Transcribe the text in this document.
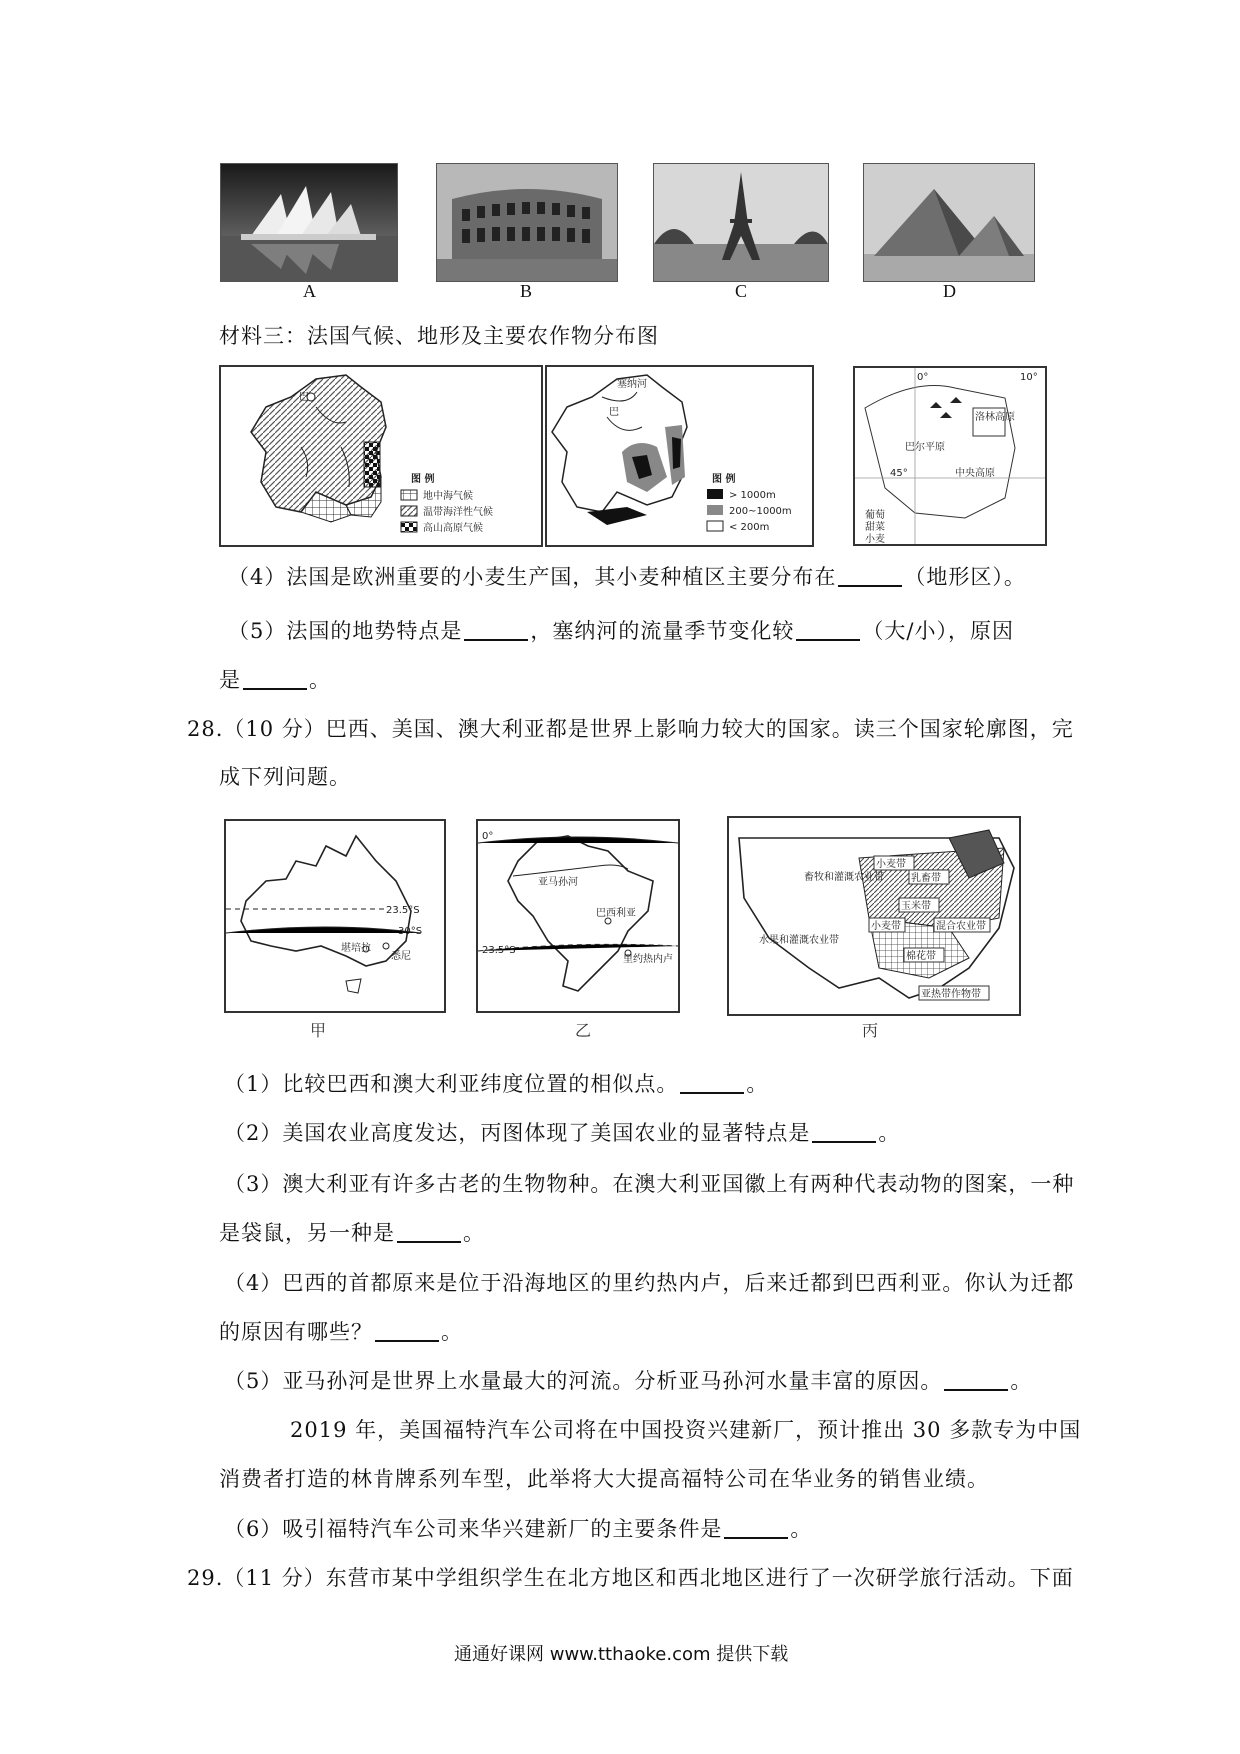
A	B	C	D
材料三：法国气候、地形及主要农作物分布图
巴
图 例
地中海气候
温带海洋性气候
高山高原气候
塞纳河
巴
图 例
> 1000m
200~1000m
< 200m
45°
0°	10°
洛林高原
巴尔平原
中央高原
葡萄
甜菜
小麦
（4）法国是欧洲重要的小麦生产国，其小麦种植区主要分布在	（地形区）。
（5）法国的地势特点是	，塞纳河的流量季节变化较	（大/小），原因
是	。
28.（10 分）巴西、美国、澳大利亚都是世界上影响力较大的国家。读三个国家轮廓图，完
成下列问题。
23.5°S
30°S
堪培拉
悉尼
甲
0°
23.5°S
亚马孙河
巴西利亚
里约热内卢
乙
小麦带
乳畜带
畜牧和灌溉农业带
玉米带
小麦带	混合农业带
水果和灌溉农业带
棉花带
亚热带作物带
丙
（1）比较巴西和澳大利亚纬度位置的相似点。	。
（2）美国农业高度发达，丙图体现了美国农业的显著特点是	。
（3）澳大利亚有许多古老的生物物种。在澳大利亚国徽上有两种代表动物的图案，一种
是袋鼠，另一种是	。
（4）巴西的首都原来是位于沿海地区的里约热内卢，后来迁都到巴西利亚。你认为迁都
的原因有哪些？	。
（5）亚马孙河是世界上水量最大的河流。分析亚马孙河水量丰富的原因。	。
2019 年，美国福特汽车公司将在中国投资兴建新厂，预计推出 30 多款专为中国
消费者打造的林肯牌系列车型，此举将大大提高福特公司在华业务的销售业绩。
（6）吸引福特汽车公司来华兴建新厂的主要条件是	。
29.（11 分）东营市某中学组织学生在北方地区和西北地区进行了一次研学旅行活动。下面
通通好课网 www.tthaoke.com 提供下载
